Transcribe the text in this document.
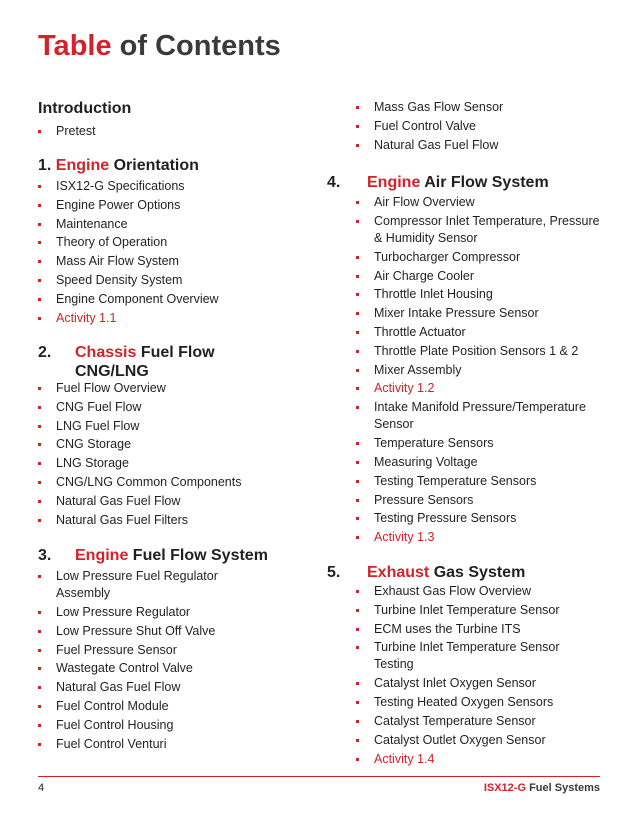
Table of Contents
Introduction
Pretest
1. Engine Orientation
ISX12-G Specifications
Engine Power Options
Maintenance
Theory of Operation
Mass Air Flow System
Speed Density System
Engine Component Overview
Activity 1.1
2. Chassis Fuel Flow
CNG/LNG
Fuel Flow Overview
CNG Fuel Flow
LNG Fuel Flow
CNG Storage
LNG Storage
CNG/LNG Common Components
Natural Gas Fuel Flow
Natural Gas Fuel Filters
3. Engine Fuel Flow System
Low Pressure Fuel Regulator Assembly
Low Pressure Regulator
Low Pressure Shut Off Valve
Fuel Pressure Sensor
Wastegate Control Valve
Natural Gas Fuel Flow
Fuel Control Module
Fuel Control Housing
Fuel Control Venturi
Mass Gas Flow Sensor
Fuel Control Valve
Natural Gas Fuel Flow
4. Engine Air Flow System
Air Flow Overview
Compressor Inlet Temperature, Pressure & Humidity Sensor
Turbocharger Compressor
Air Charge Cooler
Throttle Inlet Housing
Mixer Intake Pressure Sensor
Throttle Actuator
Throttle Plate Position Sensors 1 & 2
Mixer Assembly
Activity 1.2
Intake Manifold Pressure/Temperature Sensor
Temperature Sensors
Measuring Voltage
Testing Temperature Sensors
Pressure Sensors
Testing Pressure Sensors
Activity 1.3
5. Exhaust Gas System
Exhaust Gas Flow Overview
Turbine Inlet Temperature Sensor
ECM uses the Turbine ITS
Turbine Inlet Temperature Sensor Testing
Catalyst Inlet Oxygen Sensor
Testing Heated Oxygen Sensors
Catalyst Temperature Sensor
Catalyst Outlet Oxygen Sensor
Activity 1.4
4	ISX12-G Fuel Systems
